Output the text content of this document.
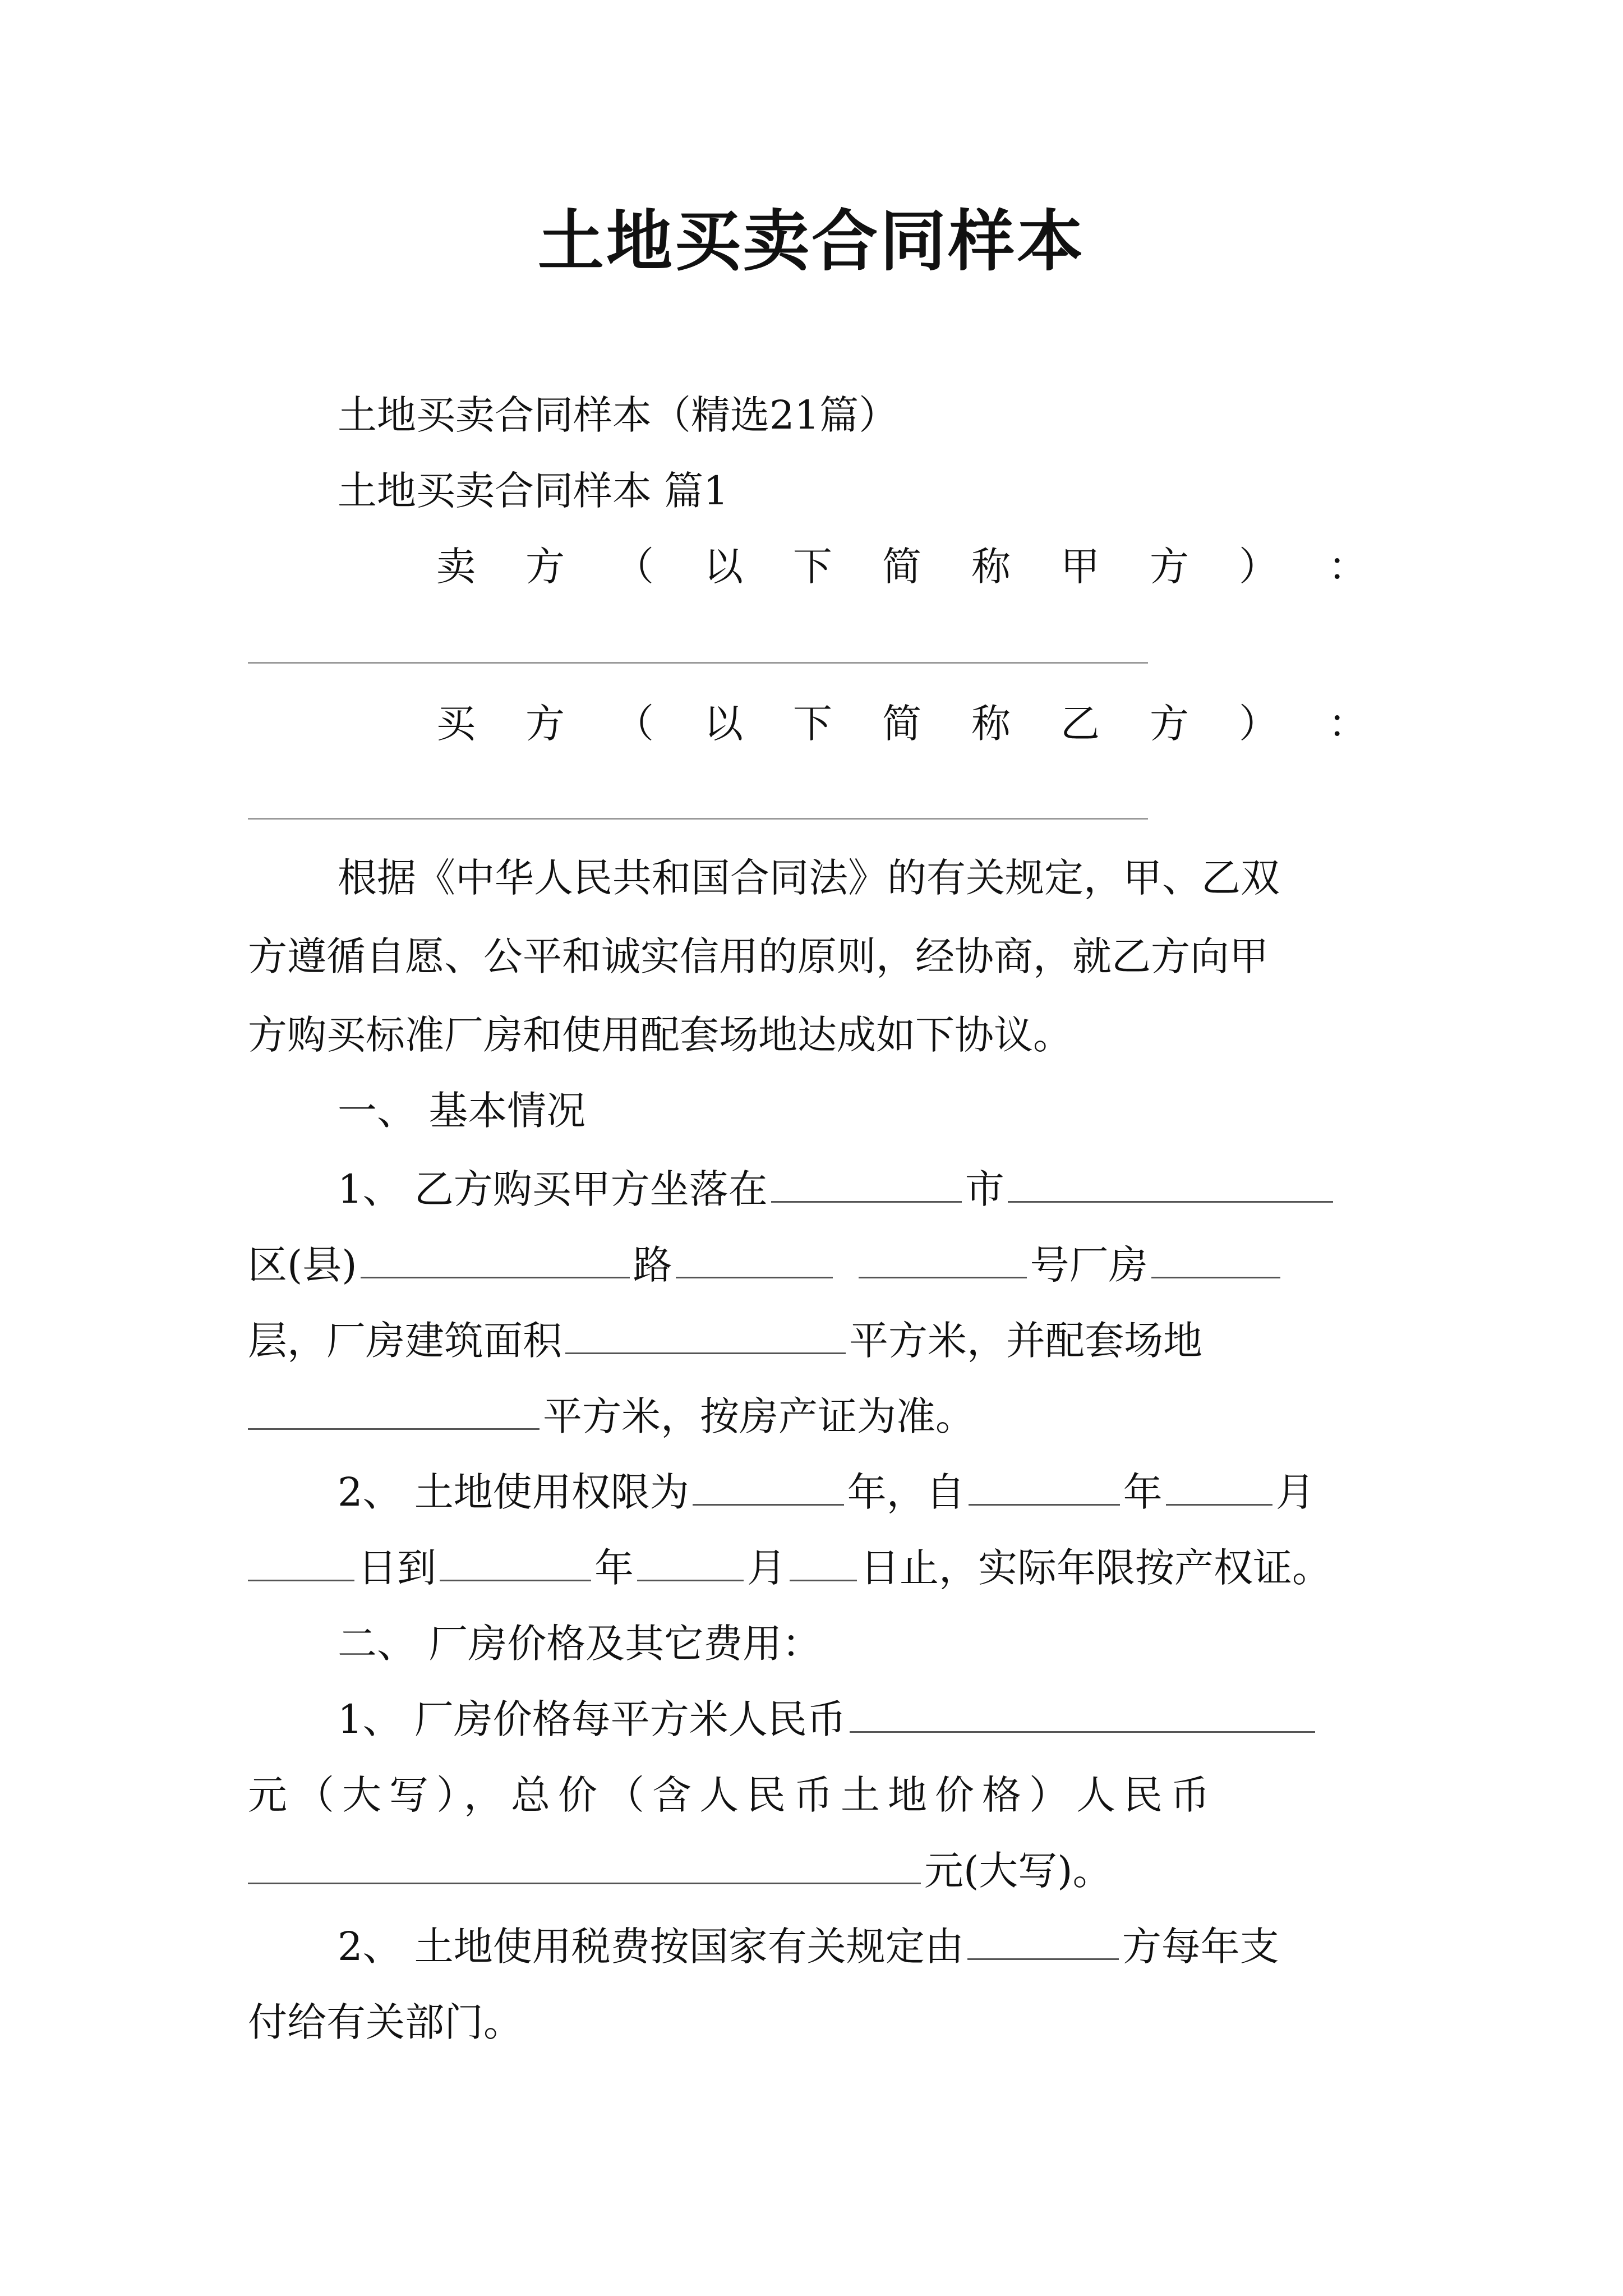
土地买卖合同样本
土地买卖合同样本（精选21篇）
土地买卖合同样本 篇1
卖 方 （ 以 下 简 称 甲 方 ） ：
买 方 （ 以 下 简 称 乙 方 ） ：
根据《中华人民共和国合同法》的有关规定，甲、乙双
方遵循自愿、公平和诚实信用的原则，经协商，就乙方向甲
方购买标准厂房和使用配套场地达成如下协议。
一、 基本情况
1、 乙方购买甲方坐落在	市
区(县)	路	号厂房
层，厂房建筑面积	平方米，并配套场地
平方米，按房产证为准。
2、 土地使用权限为	年，自	年	月
日到	年	月 日止，实际年限按产权证。
二、 厂房价格及其它费用：
1、 厂房价格每平方米人民币
元（大写），总价（含人民币土地价格）人民币
元(大写)。
2、 土地使用税费按国家有关规定由	方每年支
付给有关部门。
